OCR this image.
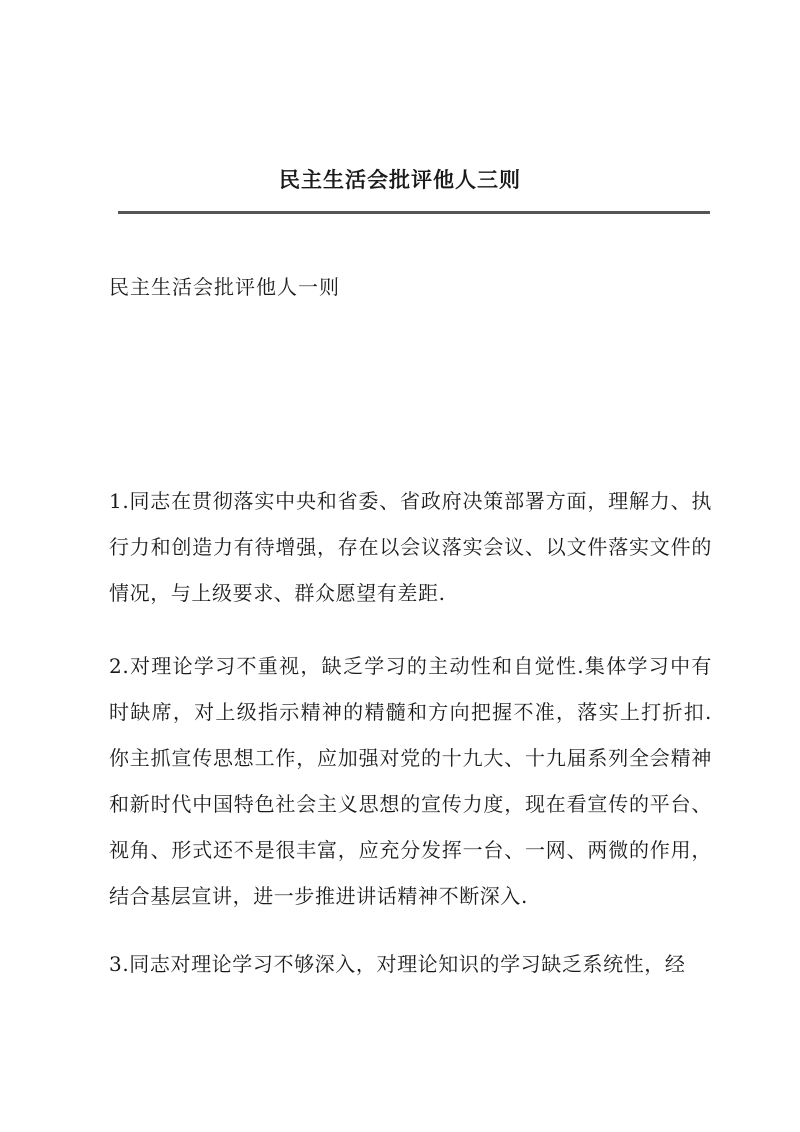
民主生活会批评他人三则

民主生活会批评他人一则

1.同志在贯彻落实中央和省委、省政府决策部署方面，理解力、执行力和创造力有待增强，存在以会议落实会议、以文件落实文件的情况，与上级要求、群众愿望有差距.

2.对理论学习不重视，缺乏学习的主动性和自觉性.集体学习中有时缺席，对上级指示精神的精髓和方向把握不准，落实上打折扣.你主抓宣传思想工作，应加强对党的十九大、十九届系列全会精神和新时代中国特色社会主义思想的宣传力度，现在看宣传的平台、视角、形式还不是很丰富，应充分发挥一台、一网、两微的作用，结合基层宣讲，进一步推进讲话精神不断深入.

3.同志对理论学习不够深入，对理论知识的学习缺乏系统性，经
